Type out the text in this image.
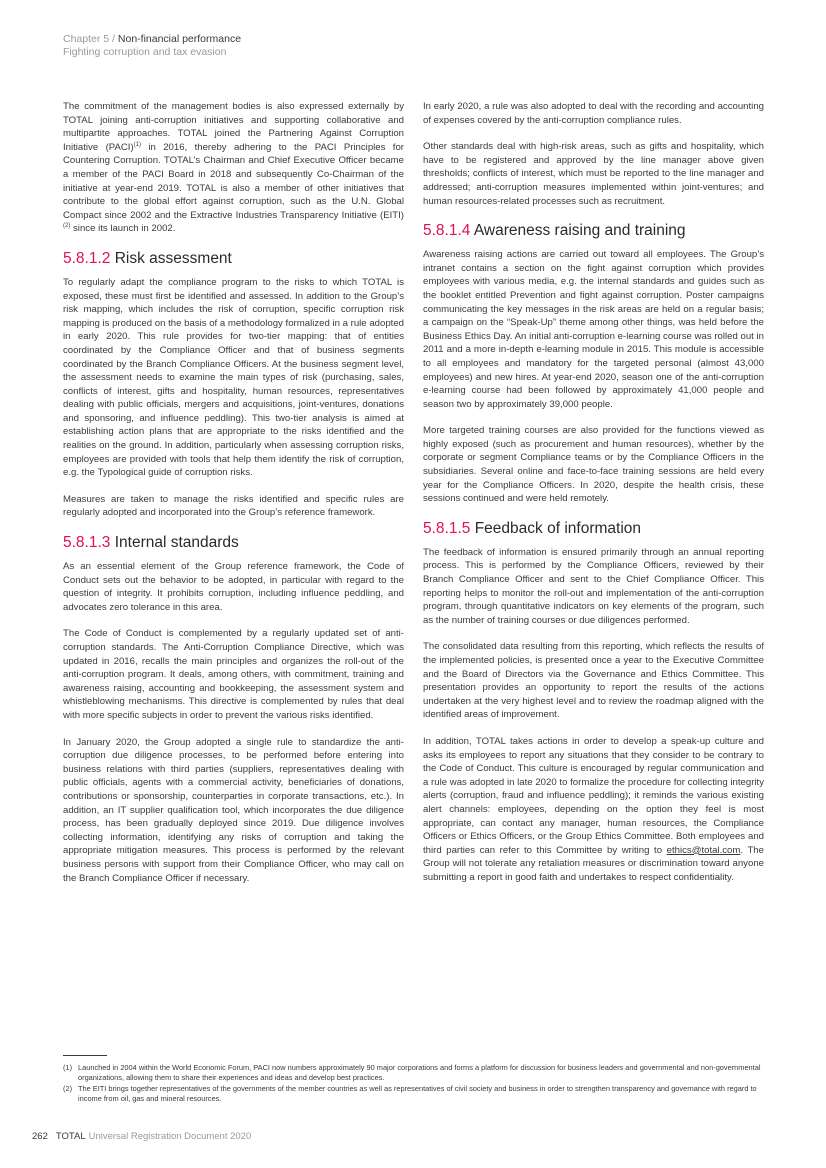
Chapter 5 / Non-financial performance
Fighting corruption and tax evasion

The commitment of the management bodies is also expressed externally by TOTAL joining anti-corruption initiatives and supporting collaborative and multipartite approaches. TOTAL joined the Partnering Against Corruption Initiative (PACI)$^{(1)}$ in 2016, thereby adhering to the PACI Principles for Countering Corruption. TOTAL’s Chairman and Chief Executive Officer became a member of the PACI Board in 2018 and subsequently Co-Chairman of the initiative at year-end 2019. TOTAL is also a member of other initiatives that contribute to the global effort against corruption, such as the U.N. Global Compact since 2002 and the Extractive Industries Transparency Initiative (EITI)$^{(2)}$ since its launch in 2002.

5.8.1.2 Risk assessment

To regularly adapt the compliance program to the risks to which TOTAL is exposed, these must first be identified and assessed. In addition to the Group’s risk mapping, which includes the risk of corruption, specific corruption risk mapping is produced on the basis of a methodology formalized in a rule adopted in early 2020. This rule provides for two-tier mapping: that of entities coordinated by the Compliance Officer and that of business segments coordinated by the Branch Compliance Officers. At the business segment level, the assessment needs to examine the main types of risk (purchasing, sales, conflicts of interest, gifts and hospitality, human resources, representatives dealing with public officials, mergers and acquisitions, joint-ventures, donations and sponsoring, and influence peddling). This two-tier analysis is aimed at establishing action plans that are appropriate to the risks identified and the realities on the ground. In addition, particularly when assessing corruption risks, employees are provided with tools that help them identify the risk of corruption, e.g. the Typological guide of corruption risks.

Measures are taken to manage the risks identified and specific rules are regularly adopted and incorporated into the Group’s reference framework.

5.8.1.3 Internal standards

As an essential element of the Group reference framework, the Code of Conduct sets out the behavior to be adopted, in particular with regard to the question of integrity. It prohibits corruption, including influence peddling, and advocates zero tolerance in this area.

The Code of Conduct is complemented by a regularly updated set of anti-corruption standards. The Anti-Corruption Compliance Directive, which was updated in 2016, recalls the main principles and organizes the roll-out of the anti-corruption program. It deals, among others, with commitment, training and awareness raising, accounting and bookkeeping, the assessment system and whistleblowing mechanisms. This directive is complemented by rules that deal with more specific subjects in order to prevent the various risks identified.

In January 2020, the Group adopted a single rule to standardize the anti-corruption due diligence processes, to be performed before entering into business relations with third parties (suppliers, representatives dealing with public officials, agents with a commercial activity, beneficiaries of donations, contributions or sponsorship, counterparties in corporate transactions, etc.). In addition, an IT supplier qualification tool, which incorporates the due diligence process, has been gradually deployed since 2019. Due diligence involves collecting information, identifying any risks of corruption and taking the appropriate mitigation measures. This process is performed by the relevant business persons with support from their Compliance Officer, who may call on the Branch Compliance Officer if necessary.

In early 2020, a rule was also adopted to deal with the recording and accounting of expenses covered by the anti-corruption compliance rules.

Other standards deal with high-risk areas, such as gifts and hospitality, which have to be registered and approved by the line manager above given thresholds; conflicts of interest, which must be reported to the line manager and addressed; anti-corruption measures implemented within joint-ventures; and human resources-related processes such as recruitment.

5.8.1.4 Awareness raising and training

Awareness raising actions are carried out toward all employees. The Group’s intranet contains a section on the fight against corruption which provides employees with various media, e.g. the internal standards and guides such as the booklet entitled Prevention and fight against corruption. Poster campaigns communicating the key messages in the risk areas are held on a regular basis; a campaign on the “Speak-Up” theme among other things, was held before the Business Ethics Day. An initial anti-corruption e-learning course was rolled out in 2011 and a more in-depth e-learning module in 2015. This module is accessible to all employees and mandatory for the targeted personal (almost 43,000 employees) and new hires. At year-end 2020, season one of the anti-corruption e-learning course had been followed by approximately 41,000 people and season two by approximately 39,000 people.

More targeted training courses are also provided for the functions viewed as highly exposed (such as procurement and human resources), whether by the corporate or segment Compliance teams or by the Compliance Officers in the subsidiaries. Several online and face-to-face training sessions are held every year for the Compliance Officers. In 2020, despite the health crisis, these sessions continued and were held remotely.

5.8.1.5 Feedback of information

The feedback of information is ensured primarily through an annual reporting process. This is performed by the Compliance Officers, reviewed by their Branch Compliance Officer and sent to the Chief Compliance Officer. This reporting helps to monitor the roll-out and implementation of the anti-corruption program, through quantitative indicators on key elements of the program, such as the number of training courses or due diligences performed.

The consolidated data resulting from this reporting, which reflects the results of the implemented policies, is presented once a year to the Executive Committee and the Board of Directors via the Governance and Ethics Committee. This presentation provides an opportunity to report the results of the actions undertaken at the very highest level and to review the roadmap aligned with the identified areas of improvement.

In addition, TOTAL takes actions in order to develop a speak-up culture and asks its employees to report any situations that they consider to be contrary to the Code of Conduct. This culture is encouraged by regular communication and a rule was adopted in late 2020 to formalize the procedure for collecting integrity alerts (corruption, fraud and influence peddling); it reminds the various existing alert channels: employees, depending on the option they feel is most appropriate, can contact any manager, human resources, the Compliance Officers or Ethics Officers, or the Group Ethics Committee. Both employees and third parties can refer to this Committee by writing to ethics@total.com. The Group will not tolerate any retaliation measures or discrimination toward anyone submitting a report in good faith and undertakes to respect confidentiality.

(1) Launched in 2004 within the World Economic Forum, PACI now numbers approximately 90 major corporations and forms a platform for discussion for business leaders and governmental and non-governmental organizations, allowing them to share their experiences and ideas and develop best practices.
(2) The EITI brings together representatives of the governments of the member countries as well as representatives of civil society and business in order to strengthen transparency and governance with regard to income from oil, gas and mineral resources.
262 TOTAL Universal Registration Document 2020
